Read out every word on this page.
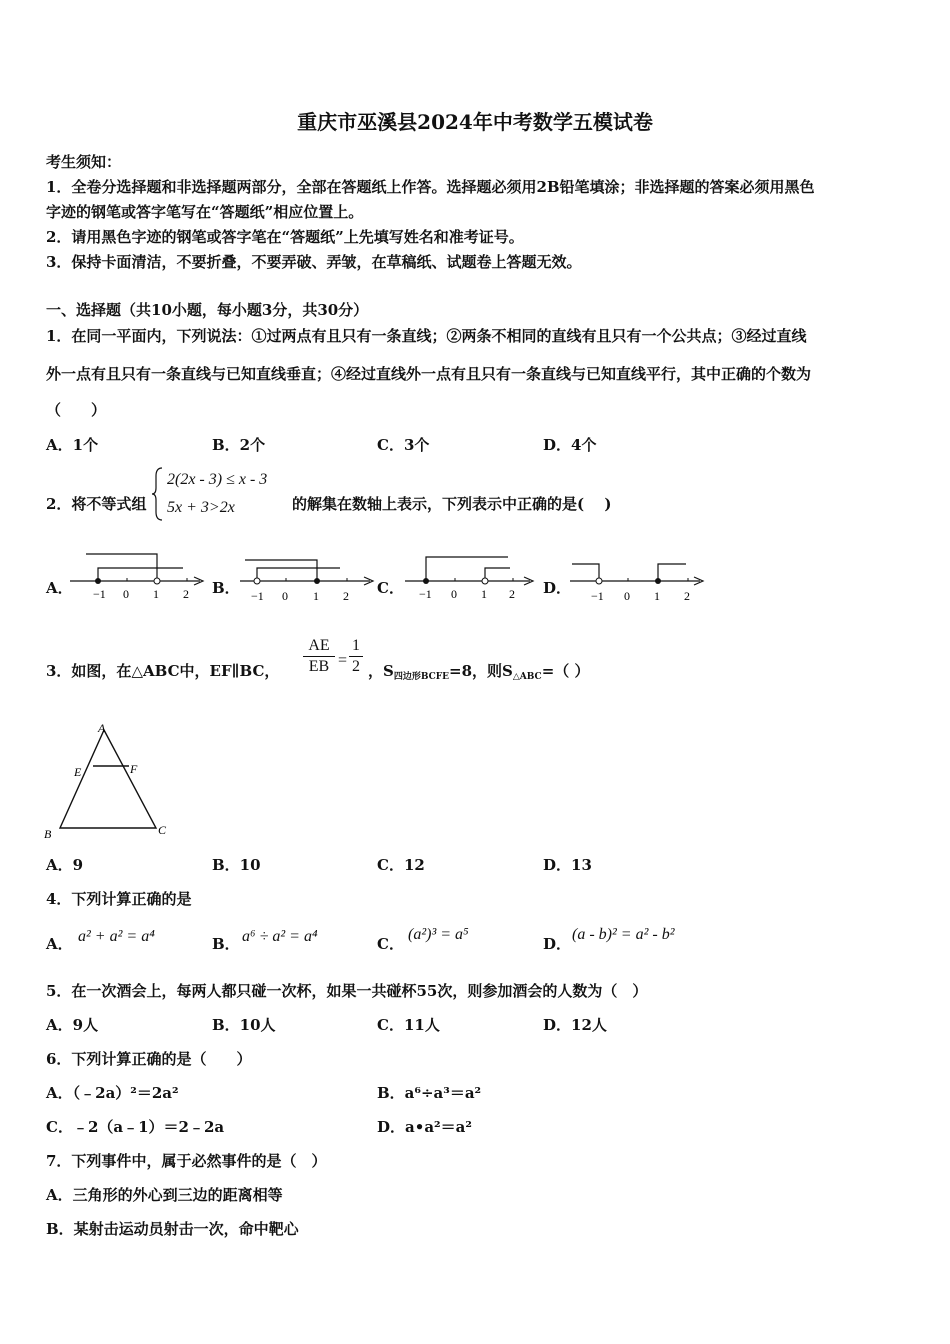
重庆市巫溪县2024年中考数学五模试卷
考生须知：
1．全卷分选择题和非选择题两部分，全部在答题纸上作答。选择题必须用2B铅笔填涂；非选择题的答案必须用黑色
字迹的钢笔或答字笔写在“答题纸”相应位置上。
2．请用黑色字迹的钢笔或答字笔在“答题纸”上先填写姓名和准考证号。
3．保持卡面清洁，不要折叠，不要弄破、弄皱，在草稿纸、试题卷上答题无效。
一、选择题（共10小题，每小题3分，共30分）
1．在同一平面内，下列说法：①过两点有且只有一条直线；②两条不相同的直线有且只有一个公共点；③经过直线
外一点有且只有一条直线与已知直线垂直；④经过直线外一点有且只有一条直线与已知直线平行，其中正确的个数为
（　　）
A．1个	B．2个	C．3个	D．4个
2．将不等式组
2(2x - 3) ≤ x - 3
5x + 3>2x	的解集在数轴上表示，下列表示中正确的是(　 )
A．	B．	C．	D．
−1 0 1 2	−1 0 1 2	−1 0 1 2	−1 0 1 2
3．如图，在△ABC中，EF∥BC， $\frac{AE}{EB} = \frac{1}{2}$ ，$S_{四边形BCFE}=8$，则$S_{\triangle ABC}=$（ ）
A
E	F
B	C
A．9	B．10	C．12	D．13
4．下列计算正确的是
A． a² + a² = a⁴	B． a⁶ ÷ a² = a⁴	C．
(a²)³ = a⁵
D．
(a - b)² = a² - b²
5．在一次酒会上，每两人都只碰一次杯，如果一共碰杯55次，则参加酒会的人数为（　）
A．9人	B．10人	C．11人	D．12人
6．下列计算正确的是（　　）
A．（﹣2a）²＝2a²	B．a⁶÷a³＝a²
C．﹣2（a﹣1）＝2﹣2a	D．a•a²＝a²
7．下列事件中，属于必然事件的是（　）
A．三角形的外心到三边的距离相等
B．某射击运动员射击一次，命中靶心
